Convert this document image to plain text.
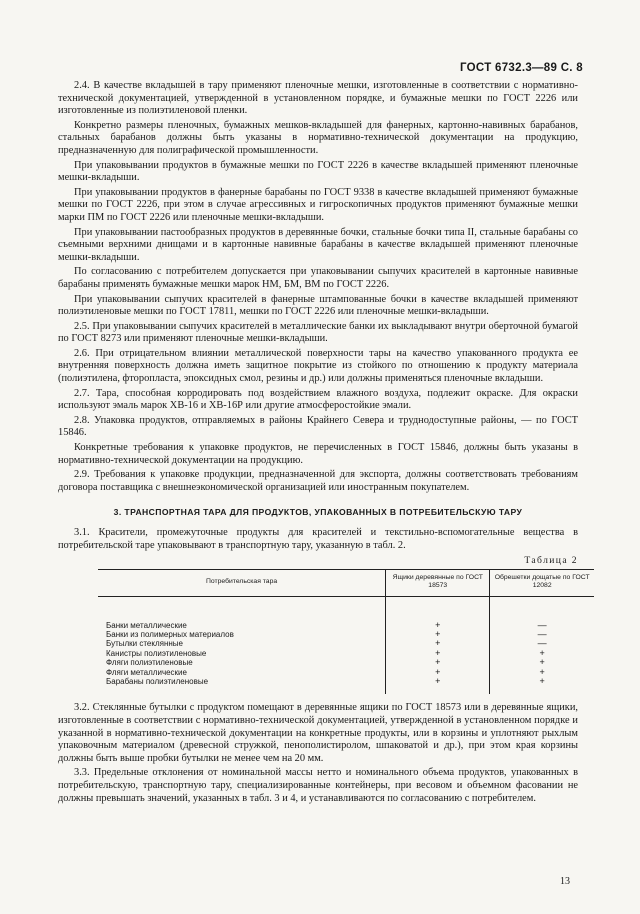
ГОСТ 6732.3—89 С. 8

2.4. В качестве вкладышей в тару применяют пленочные мешки, изготовленные в соответствии с нормативно-технической документацией, утвержденной в установленном порядке, и бумажные мешки по ГОСТ 2226 или изготовленные из полиэтиленовой пленки.

Конкретно размеры пленочных, бумажных мешков-вкладышей для фанерных, картонно-навивных барабанов, стальных барабанов должны быть указаны в нормативно-технической документации на продукцию, предназначенную для полиграфической промышленности.

При упаковывании продуктов в бумажные мешки по ГОСТ 2226 в качестве вкладышей применяют пленочные мешки-вкладыши.

При упаковывании продуктов в фанерные барабаны по ГОСТ 9338 в качестве вкладышей применяют бумажные мешки по ГОСТ 2226, при этом в случае агрессивных и гигроскопичных продуктов применяют бумажные мешки марки ПМ по ГОСТ 2226 или пленочные мешки-вкладыши.

При упаковывании пастообразных продуктов в деревянные бочки, стальные бочки типа II, стальные барабаны со съемными верхними днищами и в картонные навивные барабаны в качестве вкладышей применяют пленочные мешки-вкладыши.

По согласованию с потребителем допускается при упаковывании сыпучих красителей в картонные навивные барабаны применять бумажные мешки марок НМ, БМ, ВМ по ГОСТ 2226.

При упаковывании сыпучих красителей в фанерные штампованные бочки в качестве вкладышей применяют полиэтиленовые мешки по ГОСТ 17811, мешки по ГОСТ 2226 или пленочные мешки-вкладыши.

2.5. При упаковывании сыпучих красителей в металлические банки их выкладывают внутри оберточной бумагой по ГОСТ 8273 или применяют пленочные мешки-вкладыши.

2.6. При отрицательном влиянии металлической поверхности тары на качество упакованного продукта ее внутренняя поверхность должна иметь защитное покрытие из стойкого по отношению к продукту материала (полиэтилена, фторопласта, эпоксидных смол, резины и др.) или должны применяться пленочные вкладыши.

2.7. Тара, способная корродировать под воздействием влажного воздуха, подлежит окраске. Для окраски используют эмаль марок ХВ-16 и ХВ-16Р или другие атмосферостойкие эмали.

2.8. Упаковка продуктов, отправляемых в районы Крайнего Севера и труднодоступные районы, — по ГОСТ 15846.

Конкретные требования к упаковке продуктов, не перечисленных в ГОСТ 15846, должны быть указаны в нормативно-технической документации на продукцию.

2.9. Требования к упаковке продукции, предназначенной для экспорта, должны соответствовать требованиям договора поставщика с внешнеэкономической организацией или иностранным покупателем.

3. ТРАНСПОРТНАЯ ТАРА ДЛЯ ПРОДУКТОВ, УПАКОВАННЫХ В ПОТРЕБИТЕЛЬСКУЮ ТАРУ

3.1. Красители, промежуточные продукты для красителей и текстильно-вспомогательные вещества в потребительской таре упаковывают в транспортную тару, указанную в табл. 2.

Таблица 2
Потребительская тара	Ящики деревянные по ГОСТ 18573	Обрешетки дощатые по ГОСТ 12082

Банки металлические	+	—
Банки из полимерных материалов	+	—
Бутылки стеклянные	+	—
Канистры полиэтиленовые	+	+
Фляги полиэтиленовые	+	+
Фляги металлические	+	+
Барабаны полиэтиленовые	+	+

3.2. Стеклянные бутылки с продуктом помещают в деревянные ящики по ГОСТ 18573 или в деревянные ящики, изготовленные в соответствии с нормативно-технической документацией, утвержденной в установленном порядке и указанной в нормативно-технической документации на конкретные продукты, или в корзины и уплотняют рыхлым упаковочным материалом (древесной стружкой, пенополистиролом, шпаковатой и др.), при этом края корзины должны быть выше пробки бутылки не менее чем на 20 мм.

3.3. Предельные отклонения от номинальной массы нетто и номинального объема продуктов, упакованных в потребительскую, транспортную тару, специализированные контейнеры, при весовом и объемном фасовании не должны превышать значений, указанных в табл. 3 и 4, и устанавливаются по согласованию с потребителем.

13
